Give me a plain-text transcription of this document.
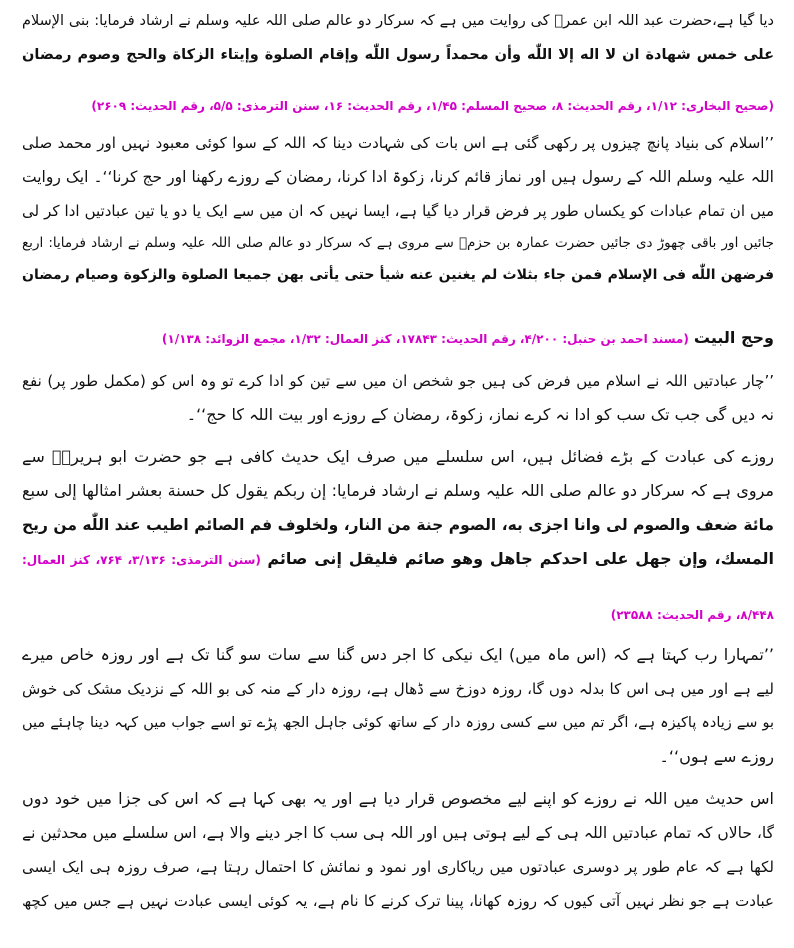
دیا گیا ہے،حضرت عبد اللہ ابن عمرؓ کی روایت میں ہے کہ سرکار دو عالم صلی اللہ علیہ وسلم نے ارشاد فرمایا: بنی الإسلام
علی خمس شهادة ان لا اله إلا اللّٰه وأن محمداً رسول اللّٰه وإقام الصلوة وإيتاء الزكاة والحج وصوم رمضان
(صحیح البخاری: ۱/۱۲، رقم الحدیث: ۸، صحیح المسلم: ۱/۴۵، رقم الحدیث: ۱۶، سنن الترمذی: ۵/۵، رقم الحدیث: ۲۶۰۹)
’’اسلام کی بنیاد پانچ چیزوں پر رکھی گئی ہے اس بات کی شہادت دینا کہ اللہ کے سوا کوئی معبود نہیں اور محمد صلی
اللہ علیہ وسلم اللہ کے رسول ہیں اور نماز قائم کرنا، زکوۃ ادا کرنا، رمضان کے روزے رکھنا اور حج کرنا‘‘۔ ایک روایت
میں ان تمام عبادات کو یکساں طور پر فرض قرار دیا گیا ہے، ایسا نہیں کہ ان میں سے ایک یا دو یا تین عبادتیں ادا کر لی
جائیں اور باقی چھوڑ دی جائیں حضرت عمارہ بن حزمؓ سے مروی ہے کہ سرکار دو عالم صلی اللہ علیہ وسلم نے ارشاد فرمایا: اربع
فرضهن اللّٰه فی الإسلام فمن جاء بثلاث لم يغنين عنه شيأ حتی يأتی بهن جميعا الصلوة والزكوة وصيام رمضان
وحج البيت (مسند احمد بن حنبل: ۴/۲۰۰، رقم الحدیث: ۱۷۸۴۳، کنز العمال: ۱/۳۲، مجمع الزوائد: ۱/۱۳۸)
’’چار عبادتیں اللہ نے اسلام میں فرض کی ہیں جو شخص ان میں سے تین کو ادا کرے تو وہ اس کو (مکمل طور پر) نفع
نہ دیں گی جب تک سب کو ادا نہ کرے نماز، زکوۃ، رمضان کے روزے اور بیت اللہ کا حج‘‘۔
روزے کی عبادت کے بڑے فضائل ہیں، اس سلسلے میں صرف ایک حدیث کافی ہے جو حضرت ابو ہریرہؓ سے
مروی ہے کہ سرکار دو عالم صلی اللہ علیہ وسلم نے ارشاد فرمایا: إن ربكم يقول كل حسنة بعشر امثالها إلی سبع
مائة ضعف والصوم لی وانا اجزی به، الصوم جنة من النار، ولخلوف فم الصائم اطيب عند اللّٰه من ريح
المسك، وإن جهل علی احدكم جاهل وهو صائم فليقل إنی صائم (سنن الترمذی: ۳/۱۳۶، ۷۶۴، کنز العمال:
۸/۴۴۸، رقم الحدیث: ۲۳۵۸۸)
’’تمہارا رب کہتا ہے کہ (اس ماہ میں) ایک نیکی کا اجر دس گنا سے سات سو گنا تک ہے اور روزہ خاص میرے
لیے ہے اور میں ہی اس کا بدلہ دوں گا، روزہ دوزخ سے ڈھال ہے، روزہ دار کے منہ کی بو اللہ کے نزدیک مشک کی خوش
بو سے زیادہ پاکیزہ ہے، اگر تم میں سے کسی روزہ دار کے ساتھ کوئی جاہل الجھ پڑے تو اسے جواب میں کہہ دینا چاہئے میں
روزے سے ہوں‘‘۔
اس حدیث میں اللہ نے روزے کو اپنے لیے مخصوص قرار دیا ہے اور یہ بھی کہا ہے کہ اس کی جزا میں خود دوں
گا، حالاں کہ تمام عبادتیں اللہ ہی کے لیے ہوتی ہیں اور اللہ ہی سب کا اجر دینے والا ہے، اس سلسلے میں محدثین نے
لکھا ہے کہ عام طور پر دوسری عبادتوں میں ریاکاری اور نمود و نمائش کا احتمال رہتا ہے، صرف روزہ ہی ایک ایسی
عبادت ہے جو نظر نہیں آتی کیوں کہ روزہ کھانا، پینا ترک کرنے کا نام ہے، یہ کوئی ایسی عبادت نہیں ہے جس میں کچھ
